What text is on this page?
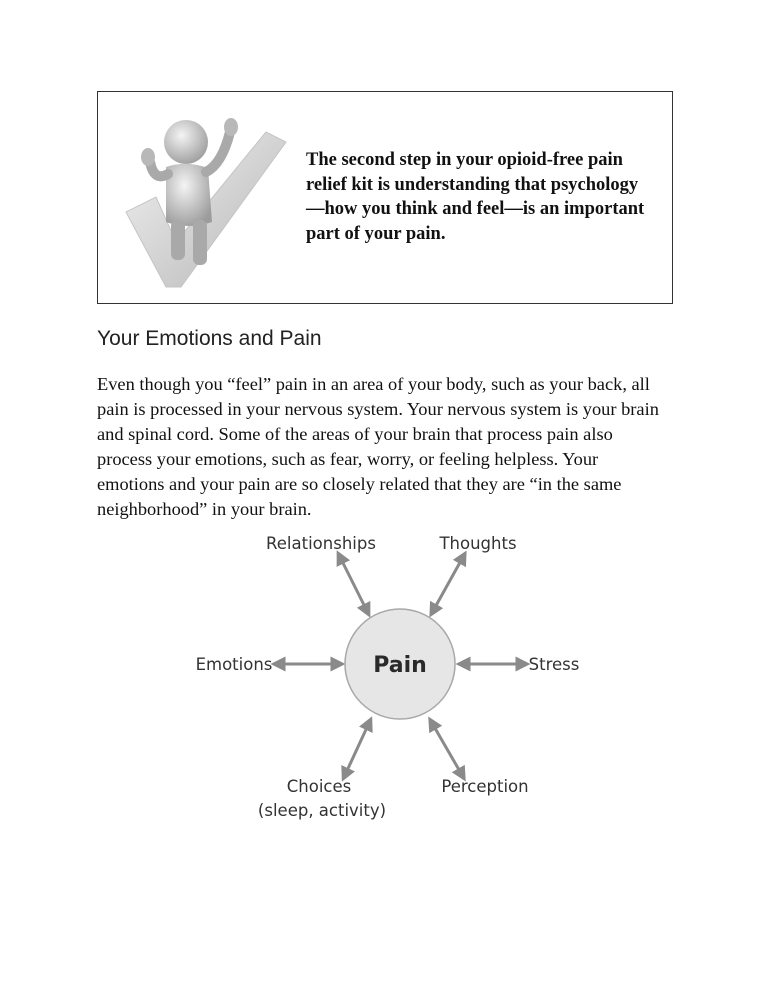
The second step in your opioid-free pain
relief kit is understanding that psychology
—how you think and feel—is an important
part of your pain.
Your Emotions and Pain
Even though you “feel” pain in an area of your body, such as your back, all
pain is processed in your nervous system. Your nervous system is your brain
and spinal cord. Some of the areas of your brain that process pain also
process your emotions, such as fear, worry, or feeling helpless. Your
emotions and your pain are so closely related that they are “in the same
neighborhood” in your brain.
Pain
Relationships	Thoughts
Emotions	Stress
Choices
(sleep, activity)
Perception
